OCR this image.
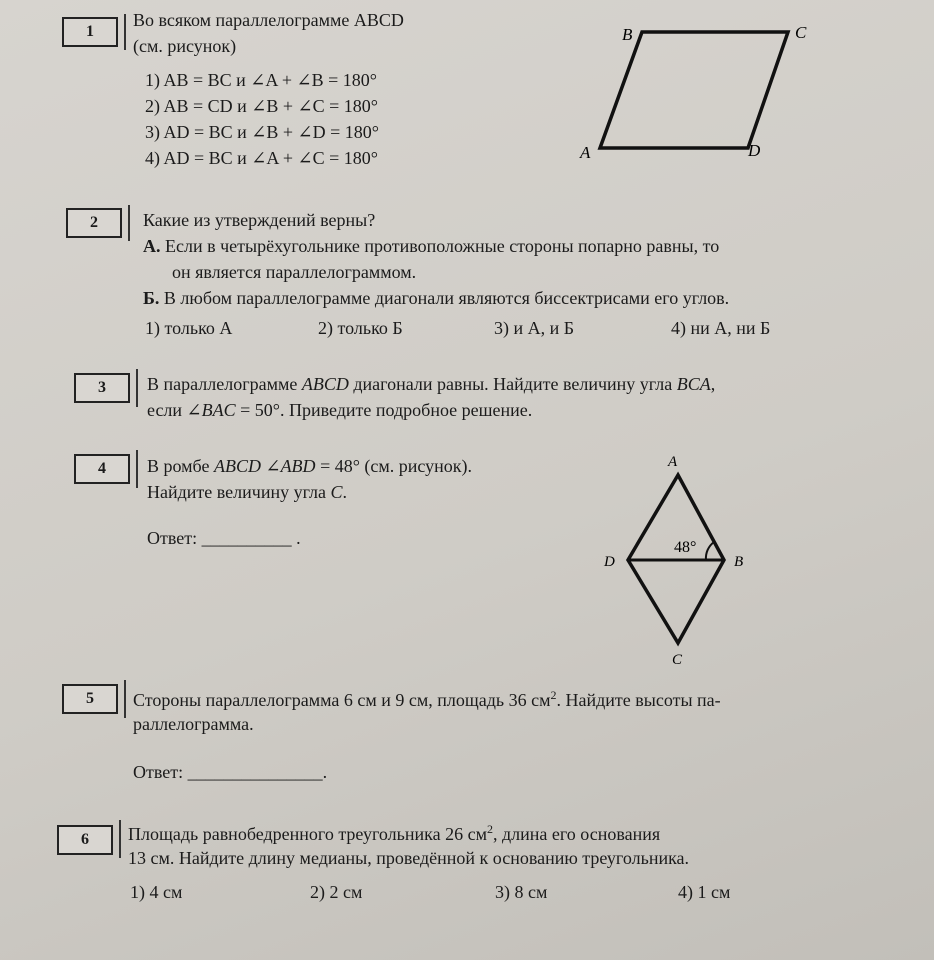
1
Во всяком параллелограмме ABCD
(см. рисунок)
1) AB = BC и ∠A + ∠B = 180°
2) AB = CD и ∠B + ∠C = 180°
3) AD = BC и ∠B + ∠D = 180°
4) AD = BC и ∠A + ∠C = 180°
B	C
A	D
2	Какие из утверждений верны?
А. Если в четырёхугольнике противоположные стороны попарно равны, то
он является параллелограммом.
Б. В любом параллелограмме диагонали являются биссектрисами его углов.
1) только А	2) только Б	3) и А, и Б	4) ни А, ни Б
3	В параллелограмме ABCD диагонали равны. Найдите величину угла BCA,
если ∠BAC = 50°. Приведите подробное решение.
4	В ромбе ABCD ∠ABD = 48° (см. рисунок).
Найдите величину угла C.
Ответ: __________ .	48°
A
D	B
C
5	Стороны параллелограмма 6 см и 9 см, площадь 36 $см^2$. Найдите высоты па-
раллелограмма.
Ответ: _______________.
6	Площадь равнобедренного треугольника 26 $см^2$, длина его основания
13 см. Найдите длину медианы, проведённой к основанию треугольника.
1) 4 см	2) 2 см	3) 8 см	4) 1 см
